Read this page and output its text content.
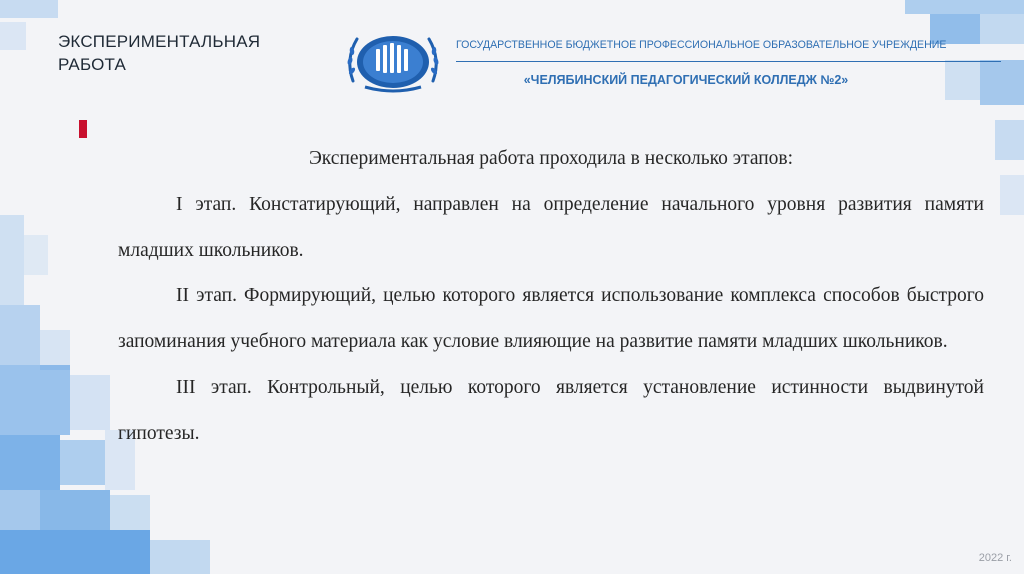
ЭКСПЕРИМЕНТАЛЬНАЯ
РАБОТА
ГОСУДАРСТВЕННОЕ БЮДЖЕТНОЕ ПРОФЕССИОНАЛЬНОЕ ОБРАЗОВАТЕЛЬНОЕ УЧРЕЖДЕНИЕ
«ЧЕЛЯБИНСКИЙ ПЕДАГОГИЧЕСКИЙ КОЛЛЕДЖ №2»

Экспериментальная работа проходила в несколько этапов:

I этап. Констатирующий, направлен на определение начального уровня развития памяти младших школьников.

II этап. Формирующий, целью которого является использование комплекса способов быстрого запоминания учебного материала как условие влияющие на развитие памяти младших школьников.

III этап. Контрольный, целью которого является установление истинности выдвинутой гипотезы.

2022 г.
